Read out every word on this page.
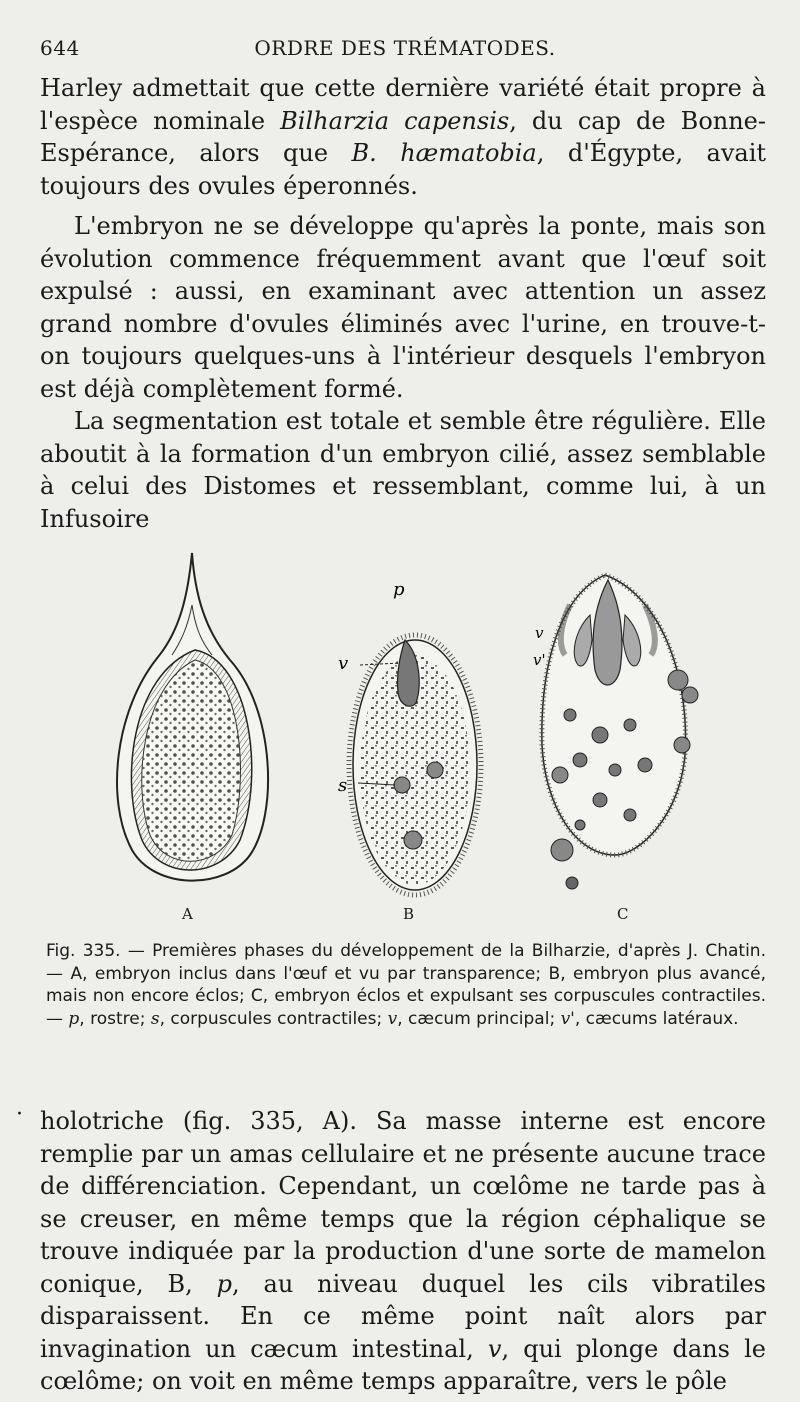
644	ORDRE DES TRÉMATODES.

Harley admettait que cette dernière variété était propre à l'espèce nominale Bilharzia capensis, du cap de Bonne-Espérance, alors que B. hæmatobia, d'Égypte, avait toujours des ovules éperonnés.

L'embryon ne se développe qu'après la ponte, mais son évolution commence fréquemment avant que l'œuf soit expulsé : aussi, en examinant avec attention un assez grand nombre d'ovules éliminés avec l'urine, en trouve-t-on toujours quelques-uns à l'intérieur desquels l'embryon est déjà complètement formé.

La segmentation est totale et semble être régulière. Elle aboutit à la formation d'un embryon cilié, assez semblable à celui des Distomes et ressemblant, comme lui, à un Infusoire

p
v
s
v
v'
A	B	C

Fig. 335. — Premières phases du développement de la Bilharzie, d'après J. Chatin. — A, embryon inclus dans l'œuf et vu par transparence; B, embryon plus avancé, mais non encore éclos; C, embryon éclos et expulsant ses corpuscules contractiles. — p, rostre; s, corpuscules contractiles; v, cæcum principal; v', cæcums latéraux.

· holotriche (fig. 335, A). Sa masse interne est encore remplie par un amas cellulaire et ne présente aucune trace de différenciation. Cependant, un cœlôme ne tarde pas à se creuser, en même temps que la région céphalique se trouve indiquée par la production d'une sorte de mamelon conique, B, p, au niveau duquel les cils vibratiles disparaissent. En ce même point naît alors par invagination un cæcum intestinal, v, qui plonge dans le cœlôme; on voit en même temps apparaître, vers le pôle
